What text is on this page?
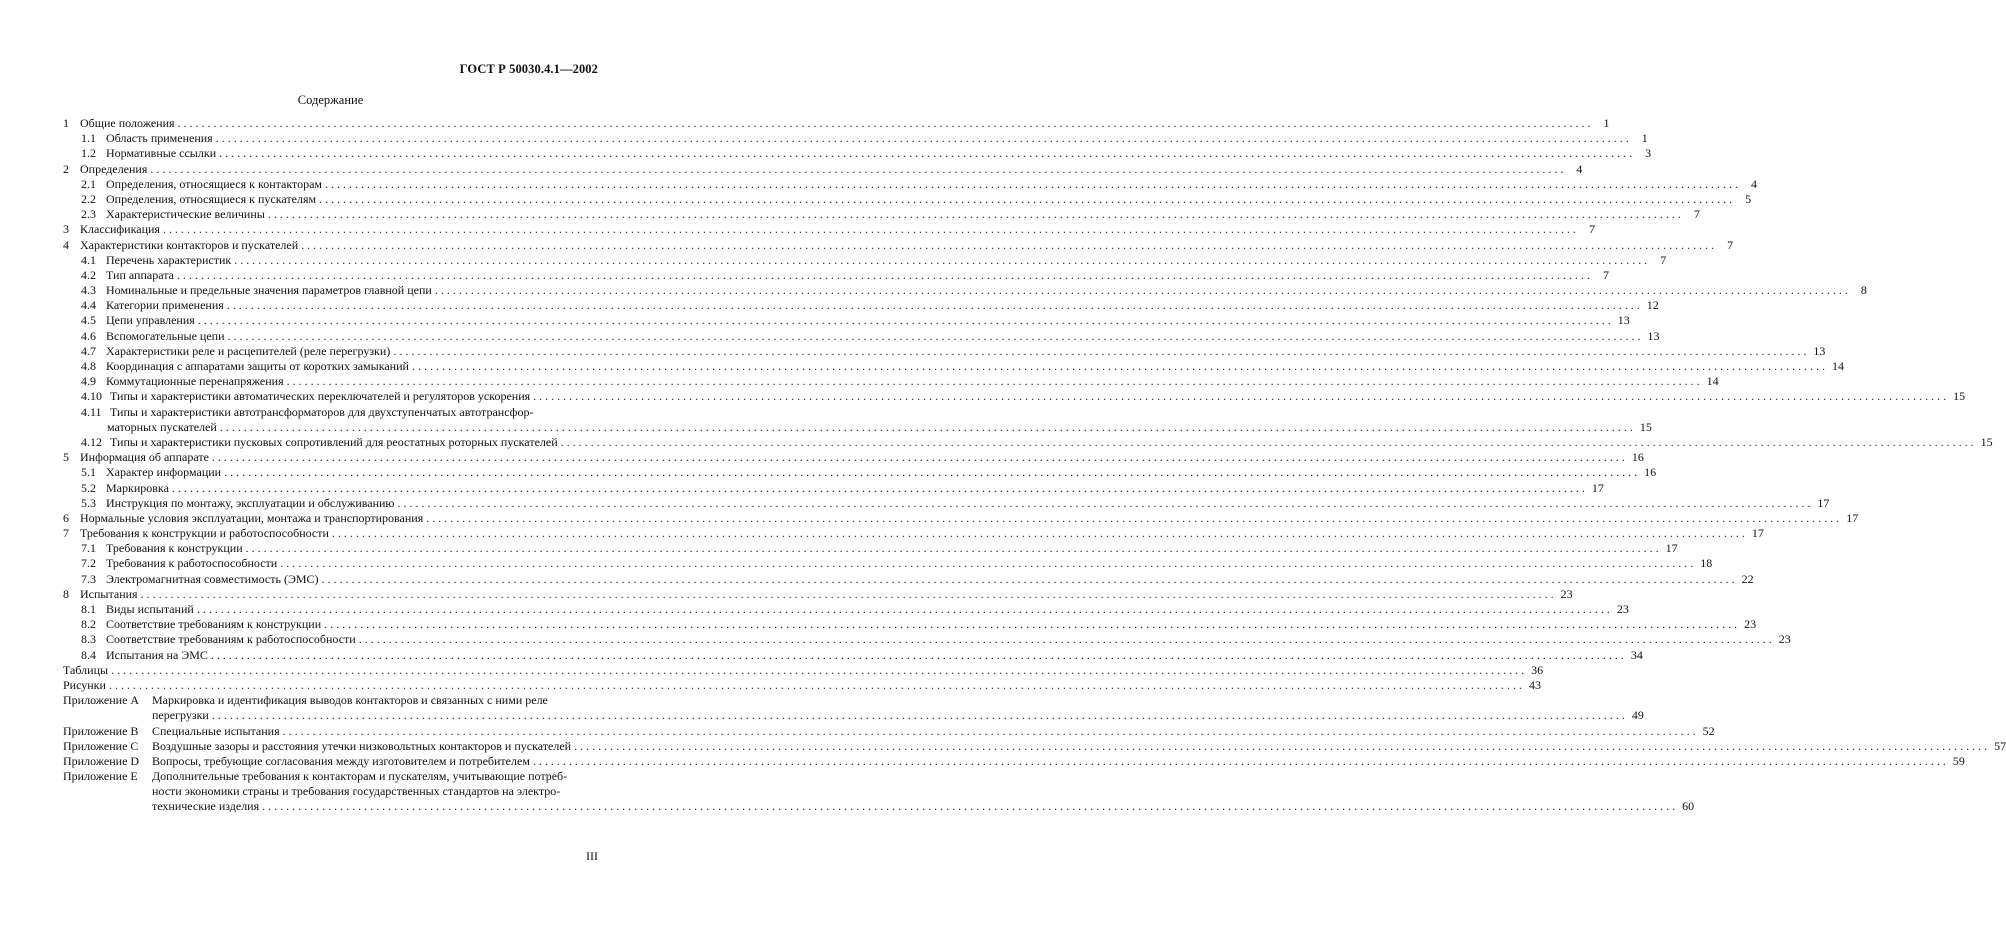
ГОСТ Р 50030.4.1—2002
Содержание
1 Общие положения . . .	1
1.1 Область применения . . .	1
1.2 Нормативные ссылки . . .	3
2 Определения . . .	4
2.1 Определения, относящиеся к контакторам . . .	4
2.2 Определения, относящиеся к пускателям . . .	5
2.3 Характеристические величины . . .	7
3 Классификация . . .	7
4 Характеристики контакторов и пускателей . . .	7
4.1 Перечень характеристик . . .	7
4.2 Тип аппарата . . .	7
4.3 Номинальные и предельные значения параметров главной цепи . . .	8
4.4 Категории применения . . .	12
4.5 Цепи управления . . .	13
4.6 Вспомогательные цепи . . .	13
4.7 Характеристики реле и расцепителей (реле перегрузки) . . .	13
4.8 Координация с аппаратами защиты от коротких замыканий . . .	14
4.9 Коммутационные перенапряжения . . .	14
4.10 Типы и характеристики автоматических переключателей и регуляторов ускорения . . .	15
4.11 Типы и характеристики автотрансформаторов для двухступенчатых автотрансфор-
маторных пускателей . . .	15
4.12 Типы и характеристики пусковых сопротивлений для реостатных роторных пускателей . . .	15
5 Информация об аппарате . . .	16
5.1 Характер информации . . .	16
5.2 Маркировка . . .	17
5.3 Инструкция по монтажу, эксплуатации и обслуживанию . . .	17
6 Нормальные условия эксплуатации, монтажа и транспортирования . . .	17
7 Требования к конструкции и работоспособности . . .	17
7.1 Требования к конструкции . . .	17
7.2 Требования к работоспособности . . .	18
7.3 Электромагнитная совместимость (ЭМС) . . .	22
8 Испытания . . .	23
8.1 Виды испытаний . . .	23
8.2 Соответствие требованиям к конструкции . . .	23
8.3 Соответствие требованиям к работоспособности . . .	23
8.4 Испытания на ЭМС . . .	34
Таблицы . . .	36
Рисунки . . .	43
Приложение A Маркировка и идентификация выводов контакторов и связанных с ними реле
перегрузки . . .	49
Приложение B Специальные испытания . . .	52
Приложение C Воздушные зазоры и расстояния утечки низковольтных контакторов и пускателей . . .	57
Приложение D Вопросы, требующие согласования между изготовителем и потребителем . . .	59
Приложение E Дополнительные требования к контакторам и пускателям, учитывающие потреб-
ности экономики страны и требования государственных стандартов на электро-
технические изделия . . .	60
III
